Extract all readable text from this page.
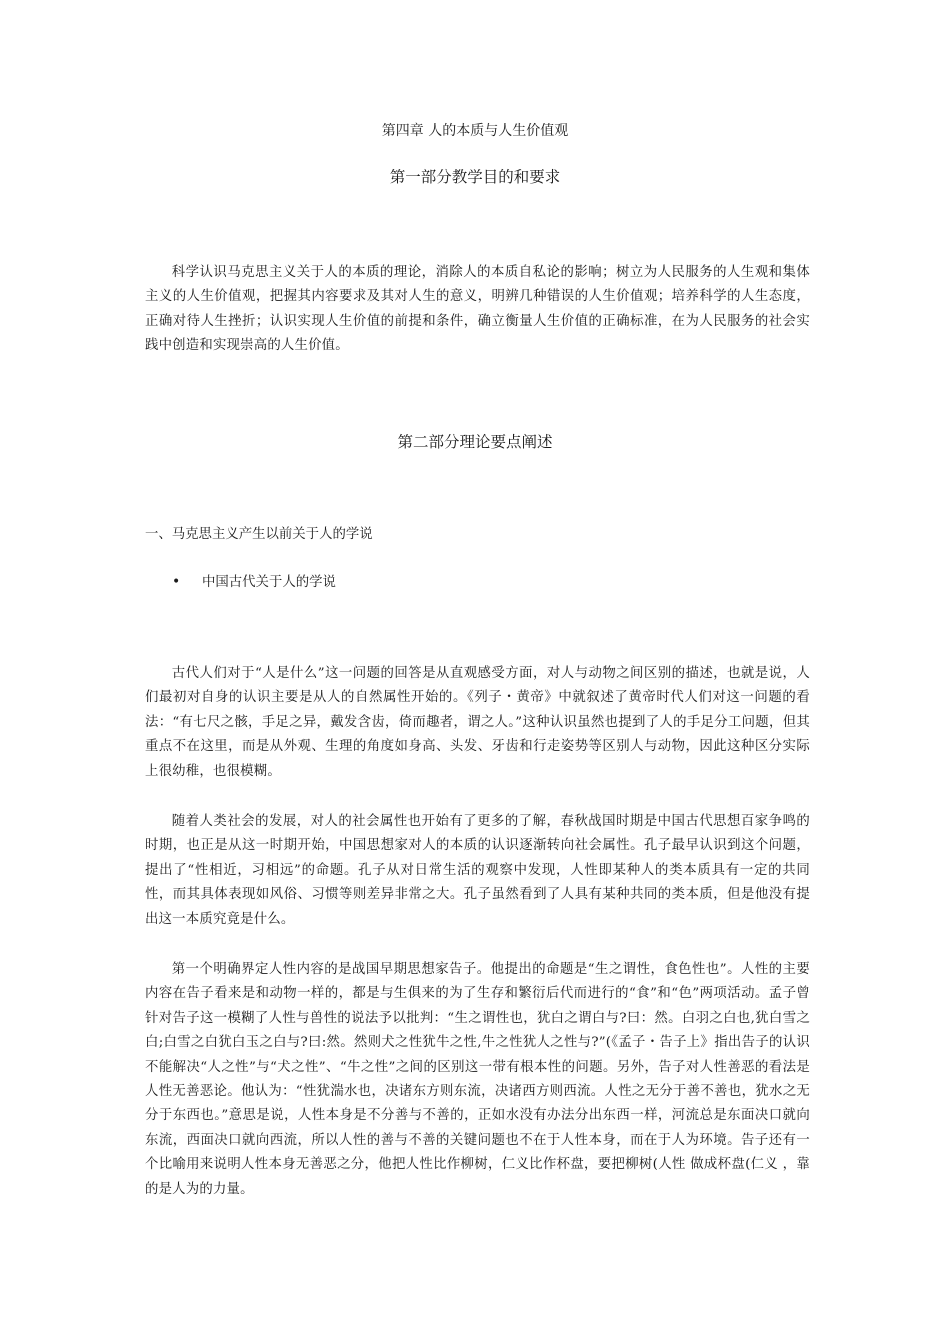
第四章 人的本质与人生价值观
第一部分教学目的和要求

科学认识马克思主义关于人的本质的理论，消除人的本质自私论的影响；树立为人民服务的人生观和集体主义的人生价值观，把握其内容要求及其对人生的意义，明辨几种错误的人生价值观；培养科学的人生态度，正确对待人生挫折；认识实现人生价值的前提和条件，确立衡量人生价值的正确标准，在为人民服务的社会实践中创造和实现崇高的人生价值。

第二部分理论要点阐述
一、马克思主义产生以前关于人的学说
• 中国古代关于人的学说

古代人们对于“人是什么”这一问题的回答是从直观感受方面，对人与动物之间区别的描述，也就是说，人们最初对自身的认识主要是从人的自然属性开始的。《列子・黄帝》中就叙述了黄帝时代人们对这一问题的看法：“有七尺之骸，手足之异，戴发含齿，倚而趣者，谓之人。”这种认识虽然也提到了人的手足分工问题，但其重点不在这里，而是从外观、生理的角度如身高、头发、牙齿和行走姿势等区别人与动物，因此这种区分实际上很幼稚，也很模糊。

随着人类社会的发展，对人的社会属性也开始有了更多的了解，春秋战国时期是中国古代思想百家争鸣的时期，也正是从这一时期开始，中国思想家对人的本质的认识逐渐转向社会属性。孔子最早认识到这个问题，提出了“性相近，习相远”的命题。孔子从对日常生活的观察中发现，人性即某种人的类本质具有一定的共同性，而其具体表现如风俗、习惯等则差异非常之大。孔子虽然看到了人具有某种共同的类本质，但是他没有提出这一本质究竟是什么。

第一个明确界定人性内容的是战国早期思想家告子。他提出的命题是“生之谓性，食色性也”。人性的主要内容在告子看来是和动物一样的，都是与生俱来的为了生存和繁衍后代而进行的“食”和“色”两项活动。孟子曾针对告子这一模糊了人性与兽性的说法予以批判：“生之谓性也，犹白之谓白与?曰：然。白羽之白也,犹白雪之白;白雪之白犹白玉之白与?曰:然。然则犬之性犹牛之性,牛之性犹人之性与?”(《孟子・告子上》指出告子的认识不能解决“人之性”与“犬之性”、“牛之性”之间的区别这一带有根本性的问题。另外，告子对人性善恶的看法是人性无善恶论。他认为：“性犹湍水也，决诸东方则东流，决诸西方则西流。人性之无分于善不善也，犹水之无分于东西也。”意思是说，人性本身是不分善与不善的，正如水没有办法分出东西一样，河流总是东面决口就向东流，西面决口就向西流，所以人性的善与不善的关键问题也不在于人性本身，而在于人为环境。告子还有一个比喻用来说明人性本身无善恶之分，他把人性比作柳树，仁义比作杯盘，要把柳树(人性 做成杯盘(仁义 ，靠的是人为的力量。
